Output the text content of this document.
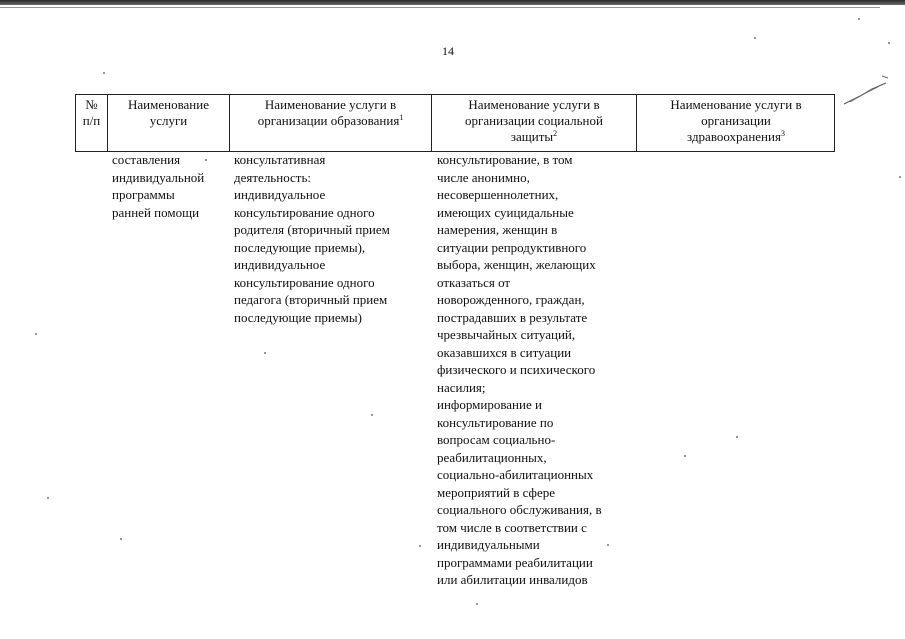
14
№
п/п
Наименование
услуги
Наименование услуги в
организации образования$^1$
Наименование услуги в
организации социальной
защиты$^2$
Наименование услуги в
организации
здравоохранения$^3$
составления
индивидуальной
программы
ранней помощи
консультативная
деятельность:
индивидуальное
консультирование одного
родителя (вторичный прием
последующие приемы),
индивидуальное
консультирование одного
педагога (вторичный прием
последующие приемы)
консультирование, в том
числе анонимно,
несовершеннолетних,
имеющих суицидальные
намерения, женщин в
ситуации репродуктивного
выбора, женщин, желающих
отказаться от
новорожденного, граждан,
пострадавших в результате
чрезвычайных ситуаций,
оказавшихся в ситуации
физического и психического
насилия;
информирование и
консультирование по
вопросам социально-
реабилитационных,
социально-абилитационных
мероприятий в сфере
социального обслуживания, в
том числе в соответствии с
индивидуальными
программами реабилитации
или абилитации инвалидов
